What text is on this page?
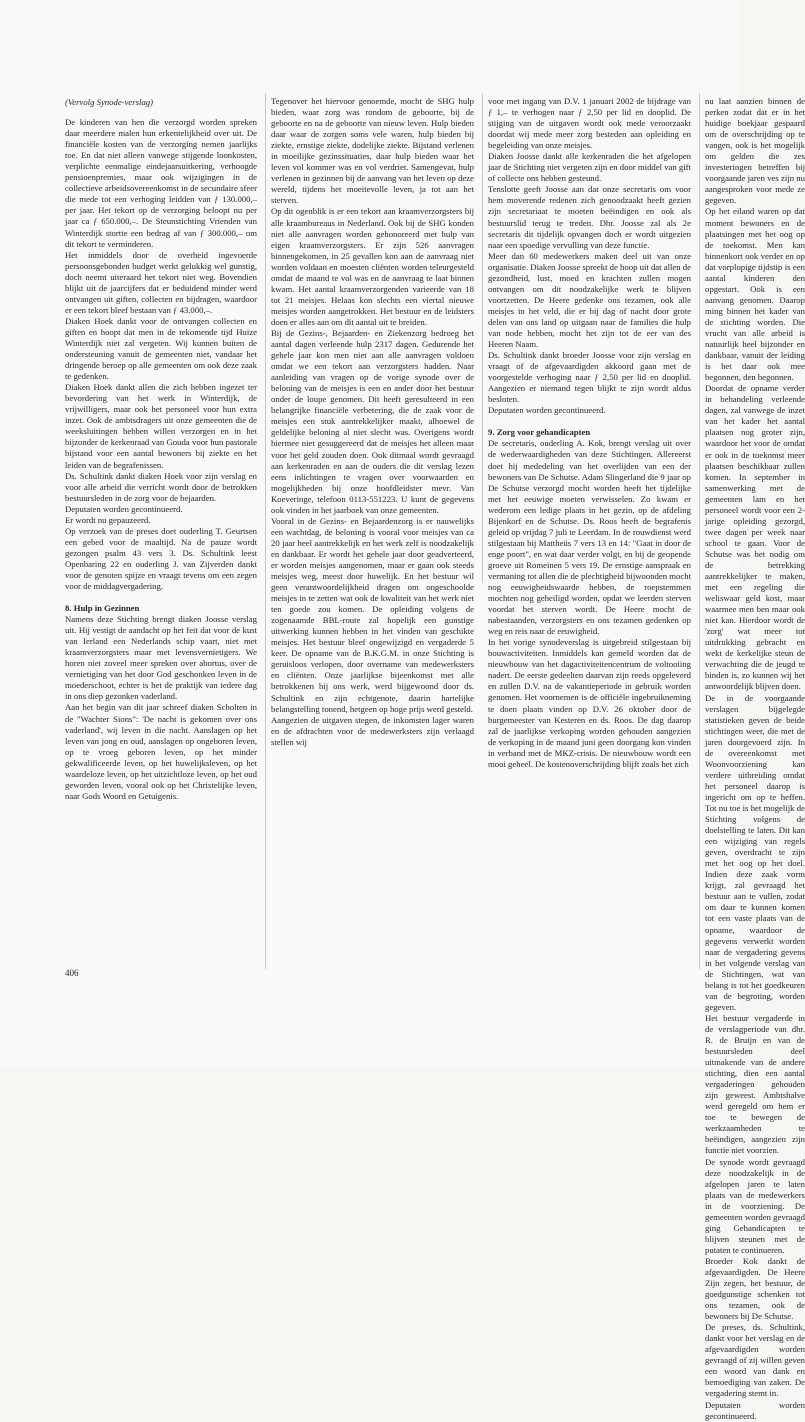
(Vervolg Synode-verslag)

De kinderen van hen die verzorgd worden spreken daar meerdere malen hun erkentelijkheid over uit. De financiële kosten van de verzorging nemen jaarlijks toe. En dat niet alleen vanwege stijgende loonkosten, verplichte eenmalige eindejaarsuitkering, verhoogde pensioenpremies, maar ook wijzigingen in de collectieve arbeidsovereenkomst in de secundaire sfeer die mede tot een verhoging leidden van ƒ 130.000,– per jaar. Het tekort op de verzorging beloopt nu per jaar ca ƒ 650.000,–. De Steunstichting Vrienden van Winterdijk stortte een bedrag af van ƒ 300.000,– om dit tekort te verminderen.

Het inmiddels door de overheid ingevoerde persoonsgebonden budget werkt gelukkig wel gunstig, doch neemt uiteraard het tekort niet weg. Bovendien blijkt uit de jaarcijfers dat er beduidend minder werd ontvangen uit giften, collecten en bijdragen, waardoor er een tekort bleef bestaan van ƒ 43.000,–.

Diaken Hoek dankt voor de ontvangen collecten en giften en hoopt dat men in de tekomende tijd Huize Winterdijk niet zal vergeten. Wij kunnen buiten de ondersteuning vanuit de gemeenten niet, vandaar het dringende beroep op alle gemeenten om ook deze zaak te gedenken.

Diaken Hoek dankt allen die zich hebben ingezet ter bevordering van het werk in Winterdijk, de vrijwilligers, maar ook het personeel voor hun extra inzet. Ook de ambtsdragers uit onze gemeenten die de weeksluitingen hebben willen verzorgen en in het bijzonder de kerkenraad van Gouda voor hun pastorale bijstand voor een aantal bewoners bij ziekte en het leiden van de begrafenissen.

Ds. Schultink dankt diaken Hoek voor zijn verslag en voor alle arbeid die verricht wordt door de betrokken bestuursleden in de zorg voor de bejaarden.

Deputaten worden gecontinueerd.

Er wordt nu gepauzeerd.

Op verzoek van de preses doet ouderling T. Geurtsen een gebed voor de maaltijd. Na de pauze wordt gezongen psalm 43 vers 3. Ds. Schultink leest Openbaring 22 en ouderling J. van Zijverden dankt voor de genoten spijze en vraagt tevens om een zegen voor de middagvergadering.

8. Hulp in Gezinnen

Namens deze Stichting brengt diaken Joosse verslag uit. Hij vestigt de aandacht op het feit dat voor de kust van Ierland een Nederlands schip vaart, niet met kraamverzorgsters maar met levensvernietigers. We horen niet zoveel meer spreken over abortus, over de vernietiging van het door God geschonken leven in de moederschoot, echter is het de praktijk van iedere dag in ons diep gezonken vaderland.

Aan het begin van dit jaar schreef diaken Scholten in de "Wachter Sions": 'De nacht is gekomen over ons vaderland', wij leven in die nacht. Aanslagen op het leven van jong en oud, aanslagen op ongeboren leven, op te vroeg geboren leven, op het minder gekwalificeerde leven, op het huwelijksleven, op het waardeloze leven, op het uitzichtloze leven, op het oud geworden leven, vooral ook op het Christelijke leven, naar Gods Woord en Getuigenis.

Tegenover het hiervoor genoemde, mocht de SHG hulp bieden, waar zorg was rondom de geboorte, bij de geboorte en na de geboorte van nieuw leven. Hulp bieden daar waar de zorgen soms vele waren, hulp bieden bij ziekte, ernstige ziekte, dodelijke ziekte. Bijstand verlenen in moeilijke gezinssituaties, daar hulp bieden waar het leven vol kommer was en vol verdriet. Samengevat, hulp verlenen in gezinnen bij de aanvang van het leven op deze wereld, tijdens het moeitevolle leven, ja tot aan het sterven.

Op dit ogenblik is er een tekort aan kraamverzorgsters bij alle kraambureaus in Nederland. Ook bij de SHG konden niet alle aanvragen worden gehonoreerd met hulp van eigen kraamverzorgsters. Er zijn 526 aanvragen binnengekomen, in 25 gevallen kon aan de aanvraag niet worden voldaan en moesten cliënten worden teleurgesteld omdat de maand te vol was en de aanvraag te laat binnen kwam. Het aantal kraamverzorgenden varieerde van 18 tot 21 meisjes. Helaas kon slechts een viertal nieuwe meisjes worden aangetrokken. Het bestuur en de leidsters doen er alles aan om dit aantal uit te breiden.

Bij de Gezins-, Bejaarden- en Ziekenzorg bedroeg het aantal dagen verleende hulp 2317 dagen. Gedurende het gehele jaar kon men niet aan alle aanvragen voldoen omdat we een tekort aan verzorgsters hadden. Naar aanleiding van vragen op de vorige synode over de beloning van de meisjes is een en ander door het bestuur onder de loupe genomen. Dit heeft geresulteerd in een belangrijke financiële verbetering, die de zaak voor de meisjes een stuk aantrekkelijker maakt, alhoewel de geldelijke beloning al niet slecht was. Overigens wordt hiermee niet gesuggereerd dat de meisjes het alleen maar voor het geld zouden doen. Ook ditmaal wordt gevraagd aan kerkenraden en aan de ouders die dit verslag lezen eens inlichtingen te vragen over voorwaarden en mogelijkheden bij onze hoofdleidster mevr. Van Koeveringe, telefoon 0113-551223. U kunt de gegevens ook vinden in het jaarboek van onze gemeenten.

Vooral in de Gezins- en Bejaardenzorg is er nauwelijks een wachtdag, de beloning is vooral voor meisjes van ca 20 jaar heel aantrekkelijk en het werk zelf is noodzakelijk en dankbaar. Er wordt het gehele jaar door geadverteerd, er worden meisjes aangenomen, maar er gaan ook steeds meisjes weg, meest door huwelijk. En het bestuur wil geen verantwoordelijkheid dragen om ongeschoolde meisjes in te zetten wat ook de kwaliteit van het werk niet ten goede zou komen. De opleiding volgens de zogenaamde BBL-route zal hopelijk een gunstige uitwerking kunnen hebben in het vinden van geschikte meisjes. Het bestuur bleef ongewijzigd en vergaderde 5 keer. De opname van de B.K.G.M. in onze Stichting is geruisloos verlopen, door overname van medewerksters en cliënten. Onze jaarlijkse bijeenkomst met alle betrokkenen bij ons werk, werd bijgewoond door ds. Schultink en zijn echtgenote, daarin hartelijke belangstelling tonend, hetgeen op hoge prijs werd gesteld.

Aangezien de uitgaven stegen, de inkomsten lager waren en de afdrachten voor de medewerksters zijn verlaagd stellen wij

voor met ingang van D.V. 1 januari 2002 de bijdrage van ƒ 1,– te verhogen naar ƒ 2,50 per lid en dooplid. De stijging van de uitgaven wordt ook mede veroorzaakt doordat wij mede meer zorg besteden aan opleiding en begeleiding van onze meisjes.

Diaken Joosse dankt alle kerkenraden die het afgelopen jaar de Stichting niet vergeten zijn en door middel van gift of collecte ons hebben gesteund.

Tenslotte geeft Joosse aan dat onze secretaris om voor hem moverende redenen zich genoodzaakt heeft gezien zijn secretariaat te moeten beëindigen en ook als bestuurslid terug te treden. Dhr. Joosse zal als 2e secretaris dit tijdelijk opvangen doch er wordt uitgezien naar een spoedige vervulling van deze functie.

Meer dan 60 medewerkers maken deel uit van onze organisatie. Diaken Joosse spreekt de hoop uit dat allen de gezondheid, lust, moed en krachten zullen mogen ontvangen om dit noodzakelijke werk te blijven voortzetten. De Heere gedenke ons tezamen, ook alle meisjes in het veld, die er bij dag of nacht door grote delen van ons land op uitgaan naar de families die hulp van node hebben, mocht het zijn tot de eer van des Heeren Naam.

Ds. Schultink dankt broeder Joosse voor zijn verslag en vraagt of de afgevaardigden akkoord gaan met de voorgestelde verhoging naar ƒ 2,50 per lid en dooplid. Aangezien er niemand tegen blijkt te zijn wordt aldus besloten.

Deputaten worden gecontinueerd.

9. Zorg voor gehandicapten

De secretaris, ouderling A. Kok, brengt verslag uit over de wederwaardigheden van deze Stichtingen. Allereerst doet hij mededeling van het overlijden van een der bewoners van De Schutse. Adam Slingerland die 9 jaar op De Schutse verzorgd mocht worden heeft het tijdelijke met het eeuwige moeten verwisselen. Zo kwam er wederom een ledige plaats in het gezin, op de afdeling Bijenkorf en de Schutse. Ds. Roos heeft de begrafenis geleid op vrijdag 7 juli te Leerdam. In de rouwdienst werd stilgestaan bij Mattheüs 7 vers 13 en 14: "Gaat in door de enge poort", en wat daar verder volgt, en bij de geopende groeve uit Romeinen 5 vers 19. De ernstige aanspraak en vermaning tot allen die de plechtigheid bijwoonden mocht nog eeuwigheidswaarde hebben, de roepstemmen mochten nog geheiligd worden, opdat we leerden sterven voordat het sterven wordt. De Heere mocht de nabestaanden, verzorgsters en ons tezamen gedenken op weg en reis naar de eeuwigheid.

In het vorige synodeverslag is uitgebreid stilgestaan bij bouwactiviteiten. Inmiddels kan gemeld worden dat de nieuwbouw van het dagactiviteitencentrum de voltooiing nadert. De eerste gedeelten daarvan zijn reeds opgeleverd en zullen D.V. na de vakantieperiode in gebruik worden genomen. Het voornemen is de officiële ingebruikneming te doen plaats vinden op D.V. 26 oktober door de burgemeester van Kesteren en ds. Roos. De dag daarop zal de jaarlijkse verkoping worden gehouden aangezien de verkoping in de maand juni geen doorgang kon vinden in verband met de MKZ-crisis. De nieuwbouw wordt een mooi geheel. De kostenoverschrijding blijft zoals het zich

nu laat aanzien binnen de perken zodat dat er in het huidige boekjaar gespaard om de overschrijding op te vangen, ook is het mogelijk om gelden die zes investeringen betreffen bij voorgaande jaren ves zijn nu aangesproken voor mede ze gegeven.

Op het eiland waren op dat moment bewoners en de plaatsingen met het oog op de toekomst. Men kan binnenkort ook verder en op dat vorplopige tijdstip is een aantal kinderen den opgestart. Ook is een aanvang genomen. Daarop ming binnen het kader van de stichting worden. Die vrucht van alle arbeid is natuurlijk heel bijzonder en dankbaar, vanuit der leiding is het daar ook mee begonnen, den begonnen.

Doordat de opname verder in behandeling verleende dagen, zal vanwege de inzet van het kader het aantal plaatsen nog groter zijn, waardoor het voor de omdat er ook in de toekomst meer plaatsen beschikbaar zullen komen. In september in samenwerking met de gemeenten lam en het personeel wordt voor een 2-jarige opleiding gezorgd, twee dagen per week naar school te gaan. Voor de Schutse was het nodig om de betrekking aantrekkelijker te maken, met een regeling die weliswaar geld kost, maar waarmee men ben maar ook niet kan. Hierdoor wordt de 'zorg' wat meer tot uitdrukking gebracht en wekt de kerkelijke steun de verwachting die de jeugd te binden is, zo kunnen wij het antwoordelijk blijven doen.

De in de voorgaande verslagen bijgelegde statistieken geven de beide stichtingen weer, die met de jaren doorgevoerd zijn. In de overeenkomst met Woonvoorziening kan verdere uitbreiding omdat het personeel daarop is ingericht om op te heffen. Tot nu toe is het mogelijk de Stichting volgens de doelstelling te laten. Dit kan een wijziging van regels geven, overdracht te zijn met het oog op het doel. Indien deze zaak vorm krijgt, zal gevraagd het bestuur aan te vullen, zodat om daar te kunnen komen tot een vaste plaats van de opname, waardoor de gegevens verwerkt worden naar de vergadering gevens in het volgende verslag van de Stichtingen, wat van belang is tot het goedkeuren van de begroting, worden gegeven.

Het bestuur vergaderde in de verslagperiode van dhr. R. de Bruijn en van de bestuursleden deel uitmakende van de andere stichting, dien een aantal vergaderingen gehouden zijn geweest. Ambtshalve werd geregeld om hem er toe te bewegen de werkzaamheden te beëindigen, aangezien zijn functie niet voorzien.

De synode wordt gevraagd deze noodzakelijk in de afgelopen jaren te laten plaats van de medewerkers in de voorziening. De gemeenten worden gevraagd ging Gehandicapten te blijven steunen met de putaten te continueren.

Broeder Kok dankt de afgevaardigden. De Heere Zijn zegen, het bestuur, de goedgunstige schenken tot ons tezamen, ook de bewoners bij De Schutse.

De preses, ds. Schultink, dankt voor het verslag en de afgevaardigden worden gevraagd of zij willen geven een woord van dank en bemoediging van zaken. De vergadering stemt in.

Deputaten worden gecontinueerd.

406
